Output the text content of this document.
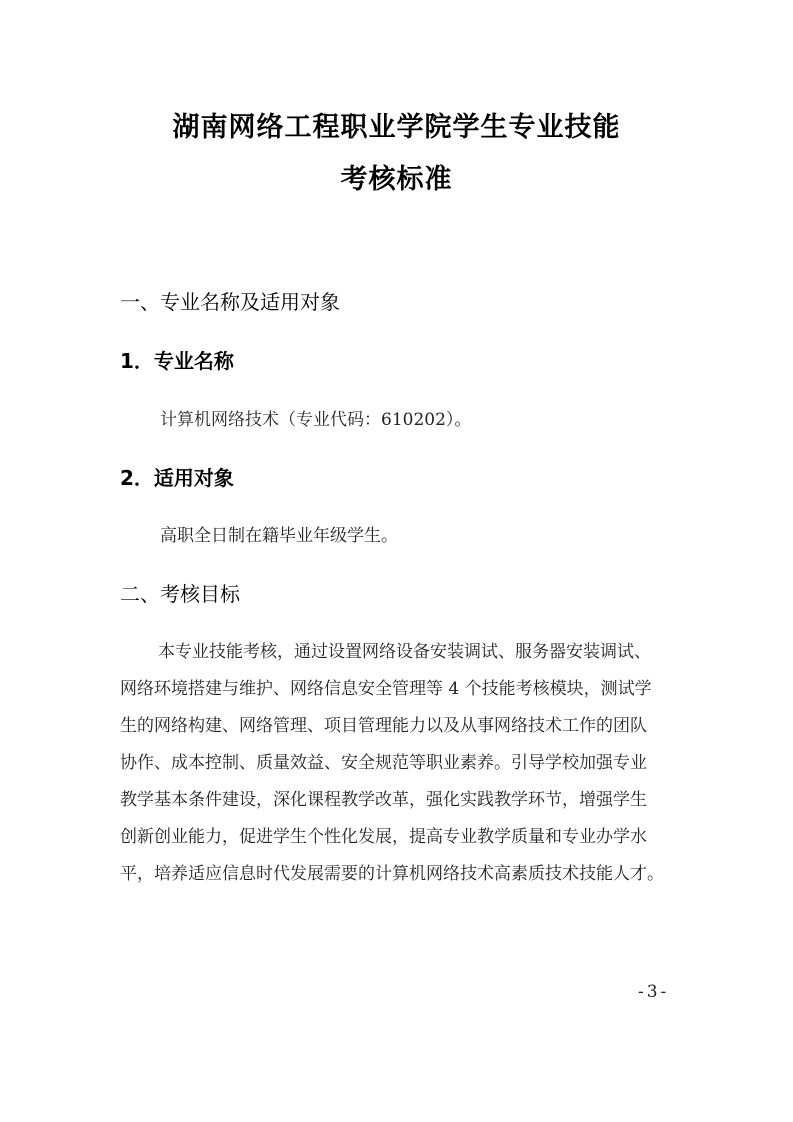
湖南网络工程职业学院学生专业技能
考核标准
一、专业名称及适用对象
1．专业名称
计算机网络技术（专业代码：610202）。
2．适用对象
高职全日制在籍毕业年级学生。
二、考核目标
本专业技能考核，通过设置网络设备安装调试、服务器安装调试、
网络环境搭建与维护、网络信息安全管理等 4 个技能考核模块，测试学
生的网络构建、网络管理、项目管理能力以及从事网络技术工作的团队
协作、成本控制、质量效益、安全规范等职业素养。引导学校加强专业
教学基本条件建设，深化课程教学改革，强化实践教学环节，增强学生
创新创业能力，促进学生个性化发展，提高专业教学质量和专业办学水
平，培养适应信息时代发展需要的计算机网络技术高素质技术技能人才。
-3-
